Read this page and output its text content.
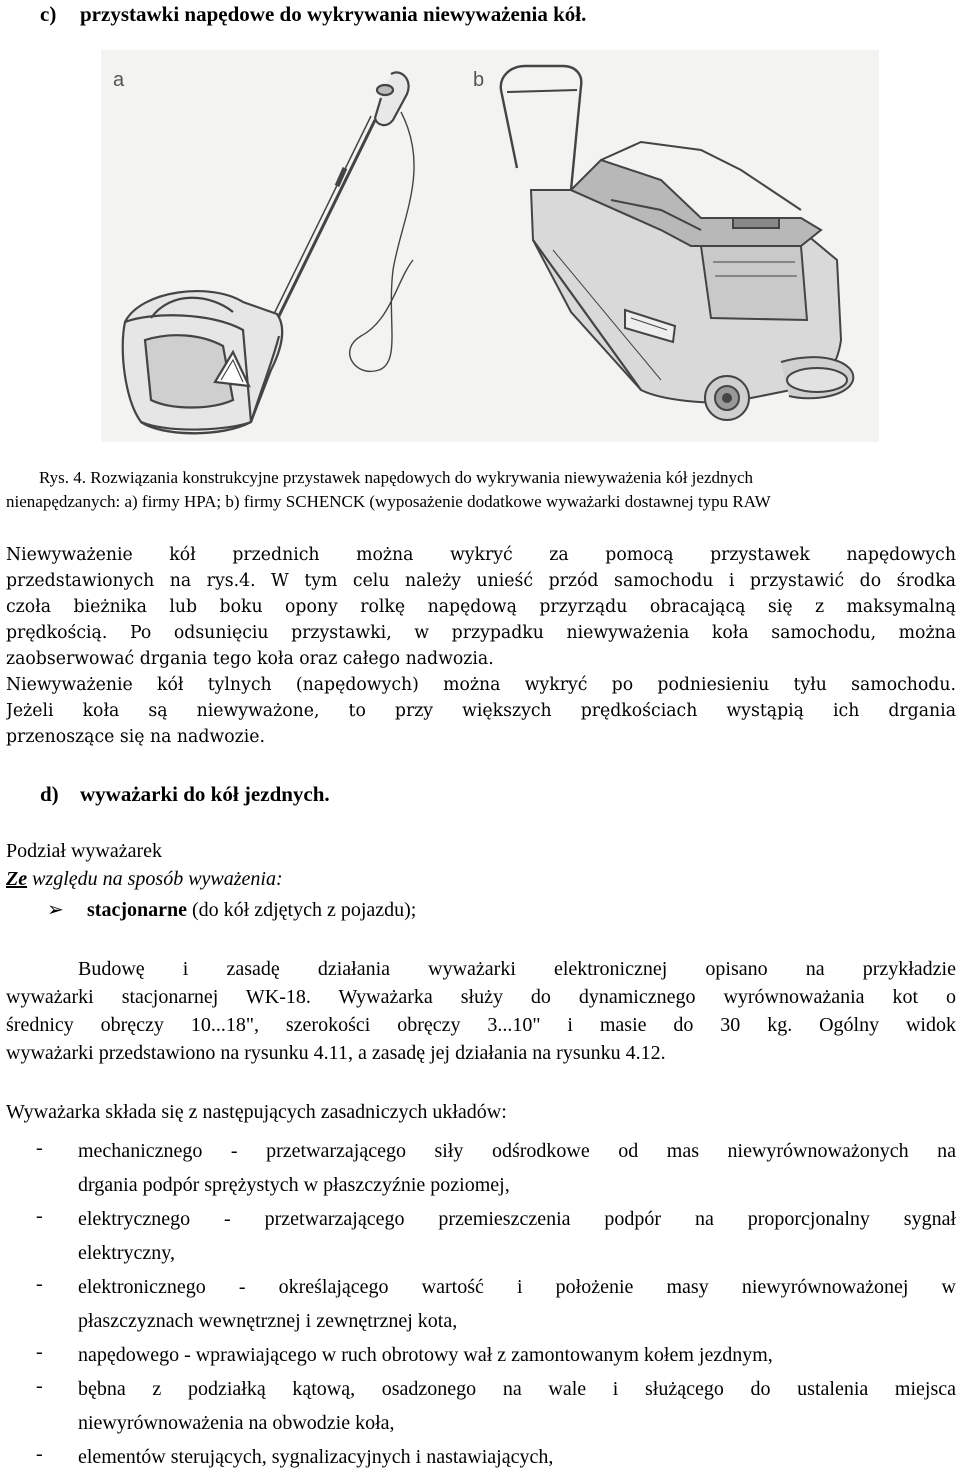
c) przystawki napędowe do wykrywania niewyważenia kół.
a	b
Rys. 4. Rozwiązania konstrukcyjne przystawek napędowych do wykrywania niewyważenia kół jezdnych
nienapędzanych: a) firmy HPA; b) firmy SCHENCK (wyposażenie dodatkowe wyważarki dostawnej typu RAW
Niewyważenie kół przednich można wykryć za pomocą przystawek napędowych
przedstawionych na rys.4. W tym celu należy unieść przód samochodu i przystawić do środka
czoła bieżnika lub boku opony rolkę napędową przyrządu obracającą się z maksymalną
prędkością. Po odsunięciu przystawki, w przypadku niewyważenia koła samochodu, można
zaobserwować drgania tego koła oraz całego nadwozia.
Niewyważenie kół tylnych (napędowych) można wykryć po podniesieniu tyłu samochodu.
Jeżeli koła są niewyważone, to przy większych prędkościach wystąpią ich drgania
przenoszące się na nadwozie.
d) wyważarki do kół jezdnych.
Podział wyważarek
Ze względu na sposób wyważenia:
➢ stacjonarne (do kół zdjętych z pojazdu);
Budowę i zasadę działania wyważarki elektronicznej opisano na przykładzie
wyważarki stacjonarnej WK-18. Wyważarka służy do dynamicznego wyrównoważania kot o
średnicy obręczy 10...18", szerokości obręczy 3...10" i masie do 30 kg. Ogólny widok
wyważarki przedstawiono na rysunku 4.11, a zasadę jej działania na rysunku 4.12.
Wyważarka składa się z następujących zasadniczych układów:
- mechanicznego - przetwarzającego siły odśrodkowe od mas niewyrównoważonych na
drgania podpór sprężystych w płaszczyźnie poziomej,
- elektrycznego - przetwarzającego przemieszczenia podpór na proporcjonalny sygnał
elektryczny,
- elektronicznego - określającego wartość i położenie masy niewyrównoważonej w
płaszczyznach wewnętrznej i zewnętrznej kota,
- napędowego - wprawiającego w ruch obrotowy wał z zamontowanym kołem jezdnym,
- bębna z podziałką kątową, osadzonego na wale i służącego do ustalenia miejsca
niewyrównoważenia na obwodzie koła,
- elementów sterujących, sygnalizacyjnych i nastawiających,
